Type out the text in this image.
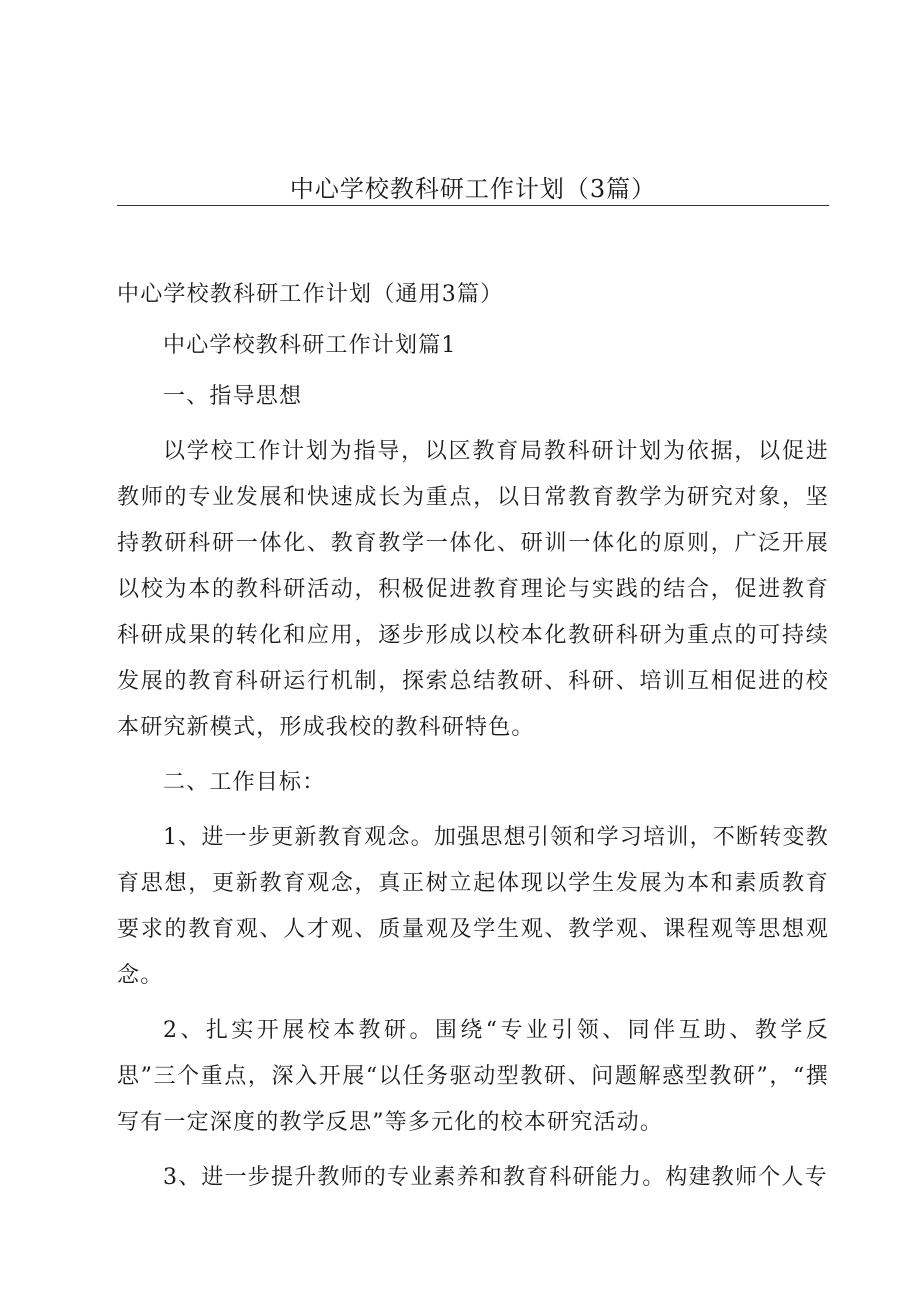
中心学校教科研工作计划（3篇）

中心学校教科研工作计划（通用3篇）

中心学校教科研工作计划篇1

一、指导思想

以学校工作计划为指导，以区教育局教科研计划为依据，以促进教师的专业发展和快速成长为重点，以日常教育教学为研究对象，坚持教研科研一体化、教育教学一体化、研训一体化的原则，广泛开展以校为本的教科研活动，积极促进教育理论与实践的结合，促进教育科研成果的转化和应用，逐步形成以校本化教研科研为重点的可持续发展的教育科研运行机制，探索总结教研、科研、培训互相促进的校本研究新模式，形成我校的教科研特色。

二、工作目标：

1、进一步更新教育观念。加强思想引领和学习培训，不断转变教育思想，更新教育观念，真正树立起体现以学生发展为本和素质教育要求的教育观、人才观、质量观及学生观、教学观、课程观等思想观念。

2、扎实开展校本教研。围绕“专业引领、同伴互助、教学反思”三个重点，深入开展“以任务驱动型教研、问题解惑型教研”，“撰写有一定深度的教学反思”等多元化的校本研究活动。

3、进一步提升教师的专业素养和教育科研能力。构建教师个人专
